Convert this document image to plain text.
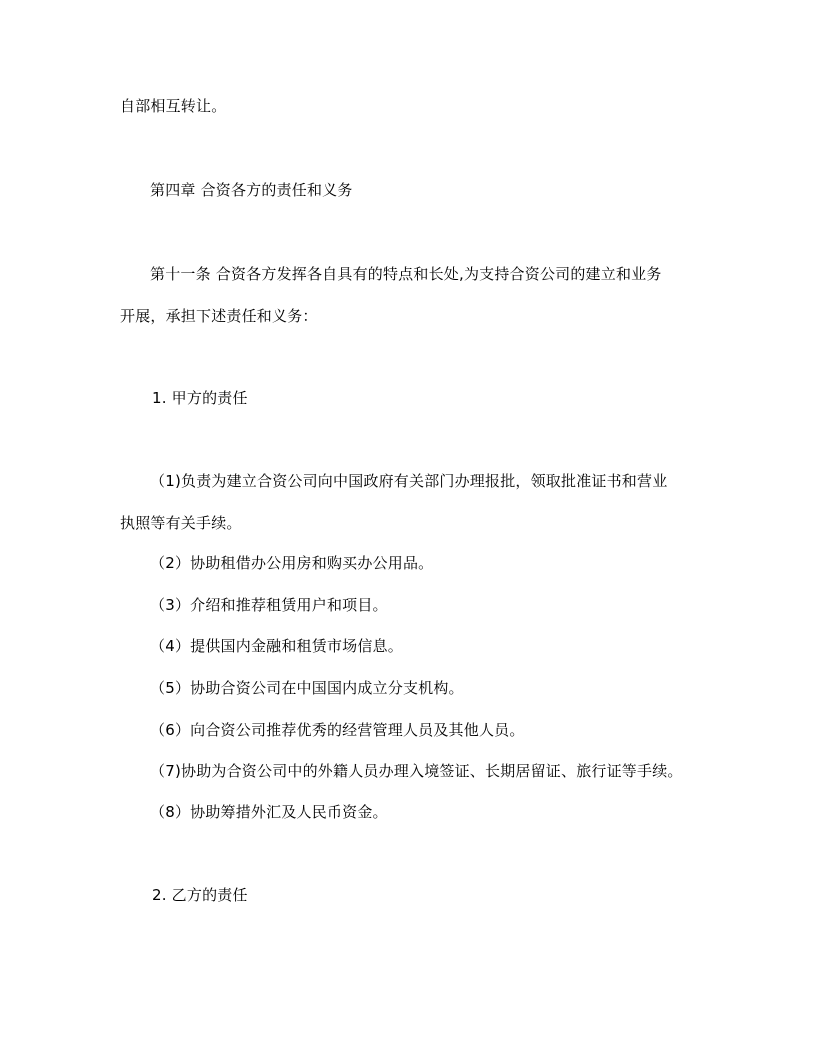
自部相互转让。
第四章 合资各方的责任和义务
第十一条 合资各方发挥各自具有的特点和长处,为支持合资公司的建立和业务
开展，承担下述责任和义务：
1. 甲方的责任
（1)负责为建立合资公司向中国政府有关部门办理报批，领取批准证书和营业
执照等有关手续。
（2）协助租借办公用房和购买办公用品。
（3）介绍和推荐租赁用户和项目。
（4）提供国内金融和租赁市场信息。
（5）协助合资公司在中国国内成立分支机构。
（6）向合资公司推荐优秀的经营管理人员及其他人员。
（7)协助为合资公司中的外籍人员办理入境签证、长期居留证、旅行证等手续。
（8）协助筹措外汇及人民币资金。
2. 乙方的责任
